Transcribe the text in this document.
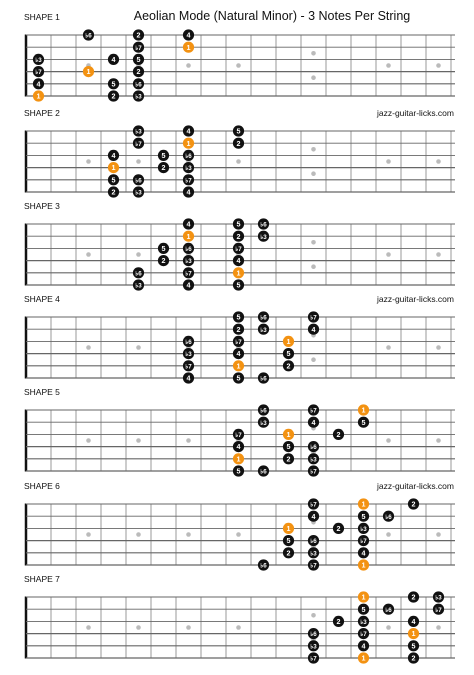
Aeolian Mode (Natural Minor) - 3 Notes Per String
SHAPE 1
♭6	2	4
♭7	1
♭3	4	5
♭7	1	2
4	5	♭6
1	2	♭3
SHAPE 2	jazz-guitar-licks.com
♭3	4	5
♭7	1	2
4	5	♭6
1	2	♭3
5	♭6	♭7
2	♭3	4
SHAPE 3
4	5	♭6
1	2	♭3
5	♭6	♭7
2	♭3	4
♭6	♭7	1
♭3	4	5
SHAPE 4	jazz-guitar-licks.com
5	♭6	♭7
2	♭3	4
♭6	♭7	1
♭3	4	5
♭7	1	2
4	5	♭6
SHAPE 5
♭6	♭7	1
♭3	4	5
♭7	1	2
4	5	♭6
1	2	♭3
5	♭6	♭7
SHAPE 6	jazz-guitar-licks.com
♭7	1	2
4	5	♭6
1	2	♭3
5	♭6	♭7
2	♭3	4
♭6	♭7	1
SHAPE 7
1	2	♭3
5	♭6	♭7
2	♭3	4
♭6	♭7	1
♭3	4	5
♭7	1	2
